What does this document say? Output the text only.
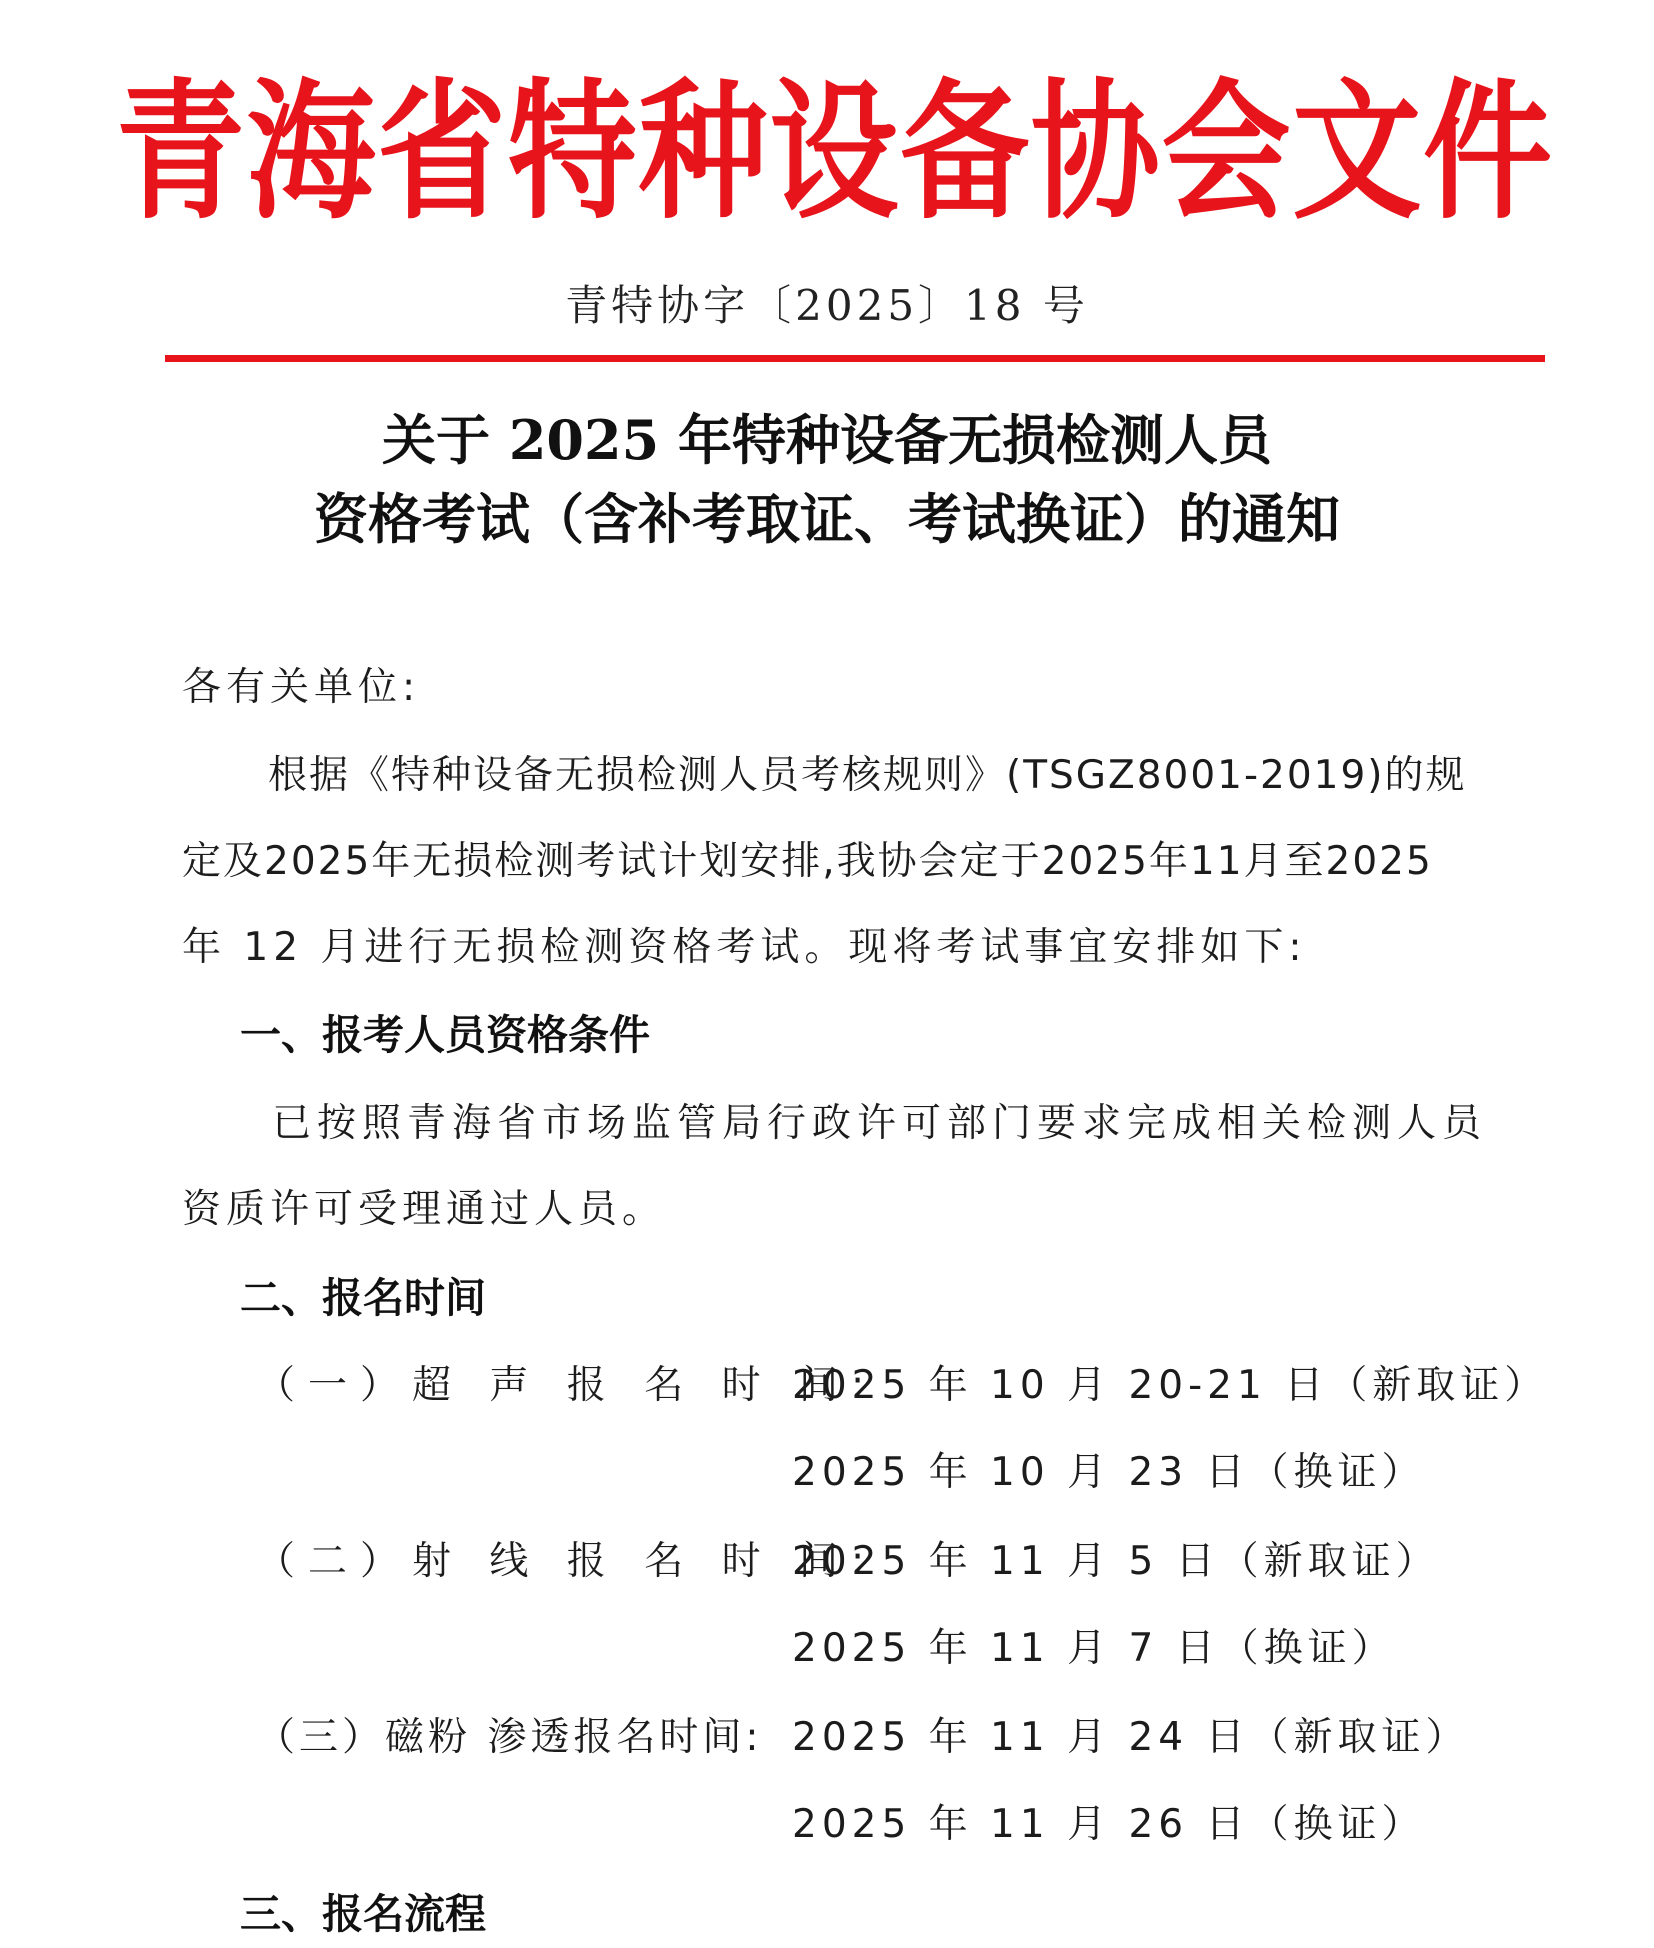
青海省特种设备协会文件
青特协字〔2025〕18 号
关于 2025 年特种设备无损检测人员
资格考试（含补考取证、考试换证）的通知
各有关单位:
根据《特种设备无损检测人员考核规则》(TSGZ8001-2019)的规
定及2025年无损检测考试计划安排,我协会定于2025年11月至2025
年 12 月进行无损检测资格考试。现将考试事宜安排如下:
一、报考人员资格条件
已按照青海省市场监管局行政许可部门要求完成相关检测人员
资质许可受理通过人员。
二、报名时间
（一）超 声 报 名 时 间:
2025 年 10 月 20-21 日（新取证）
2025 年 10 月 23 日（换证）
（二）射 线 报 名 时 间:
2025 年 11 月 5 日（新取证）
2025 年 11 月 7 日（换证）
（三）磁粉 渗透报名时间: 2025 年 11 月 24 日（新取证）
2025 年 11 月 26 日（换证）
三、报名流程
